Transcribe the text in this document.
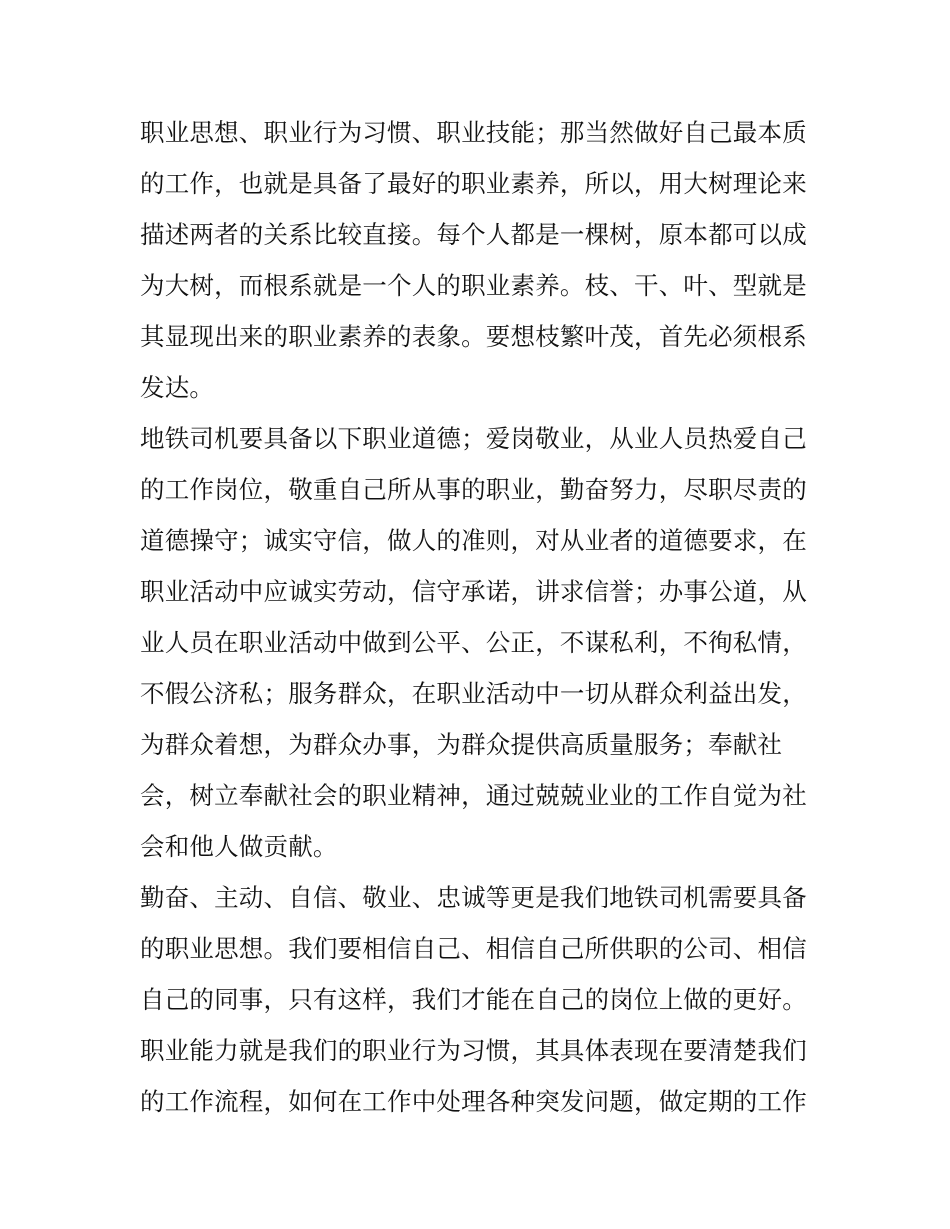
职业思想、职业行为习惯、职业技能；那当然做好自己最本质
的工作，也就是具备了最好的职业素养，所以，用大树理论来
描述两者的关系比较直接。每个人都是一棵树，原本都可以成
为大树，而根系就是一个人的职业素养。枝、干、叶、型就是
其显现出来的职业素养的表象。要想枝繁叶茂，首先必须根系
发达。
地铁司机要具备以下职业道德；爱岗敬业，从业人员热爱自己
的工作岗位，敬重自己所从事的职业，勤奋努力，尽职尽责的
道德操守；诚实守信，做人的准则，对从业者的道德要求，在
职业活动中应诚实劳动，信守承诺，讲求信誉；办事公道，从
业人员在职业活动中做到公平、公正，不谋私利，不徇私情，
不假公济私；服务群众，在职业活动中一切从群众利益出发，
为群众着想，为群众办事，为群众提供高质量服务；奉献社
会，树立奉献社会的职业精神，通过兢兢业业的工作自觉为社
会和他人做贡献。
勤奋、主动、自信、敬业、忠诚等更是我们地铁司机需要具备
的职业思想。我们要相信自己、相信自己所供职的公司、相信
自己的同事，只有这样，我们才能在自己的岗位上做的更好。
职业能力就是我们的职业行为习惯，其具体表现在要清楚我们
的工作流程，如何在工作中处理各种突发问题，做定期的工作
